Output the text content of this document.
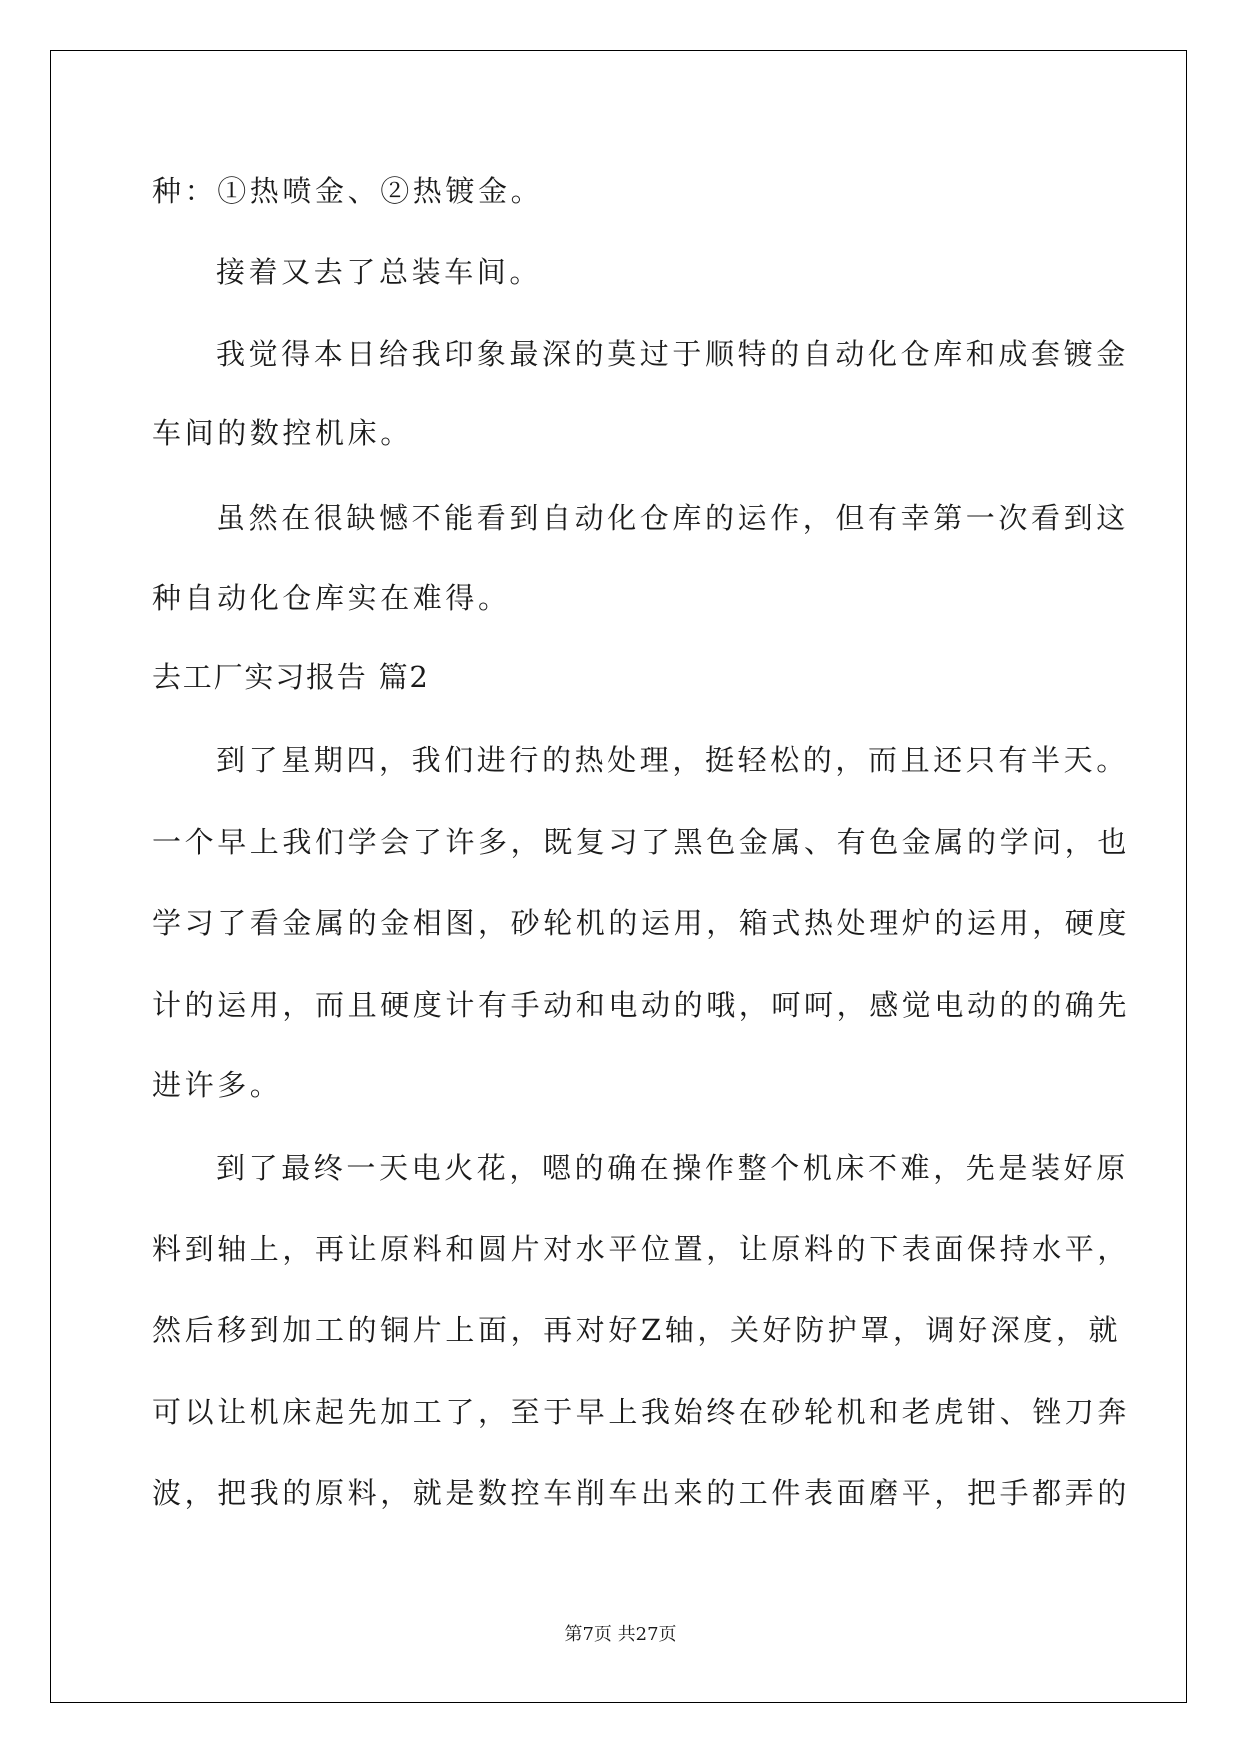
种：①热喷金、②热镀金。
接着又去了总装车间。
我觉得本日给我印象最深的莫过于顺特的自动化仓库和成套镀金
车间的数控机床。
虽然在很缺憾不能看到自动化仓库的运作，但有幸第一次看到这
种自动化仓库实在难得。
去工厂实习报告 篇2
到了星期四，我们进行的热处理，挺轻松的，而且还只有半天。
一个早上我们学会了许多，既复习了黑色金属、有色金属的学问，也
学习了看金属的金相图，砂轮机的运用，箱式热处理炉的运用，硬度
计的运用，而且硬度计有手动和电动的哦，呵呵，感觉电动的的确先
进许多。
到了最终一天电火花，嗯的确在操作整个机床不难，先是装好原
料到轴上，再让原料和圆片对水平位置，让原料的下表面保持水平，
然后移到加工的铜片上面，再对好Z轴，关好防护罩，调好深度，就
可以让机床起先加工了，至于早上我始终在砂轮机和老虎钳、锉刀奔
波，把我的原料，就是数控车削车出来的工件表面磨平，把手都弄的
第7页 共27页
